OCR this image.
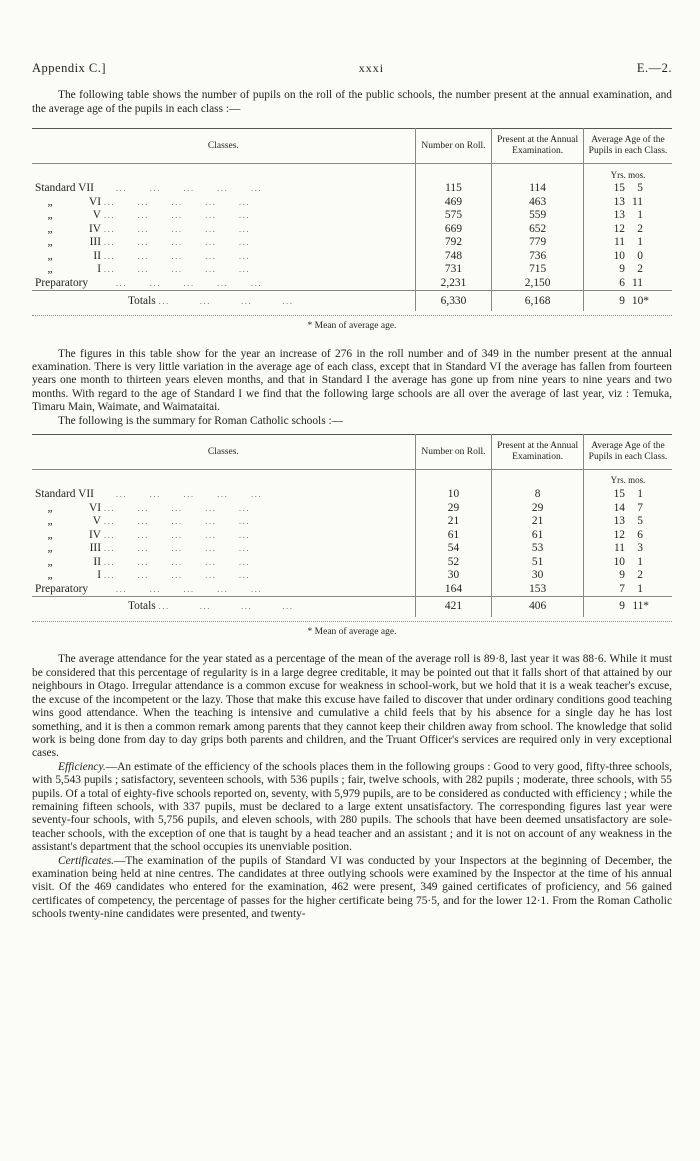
Appendix C.]	xxxi	E.—2.

The following table shows the number of pupils on the roll of the public schools, the number present at the annual examination, and the average age of the pupils in each class :—

Classes.	Number on Roll.	Present at the Annual Examination.	Average Age of the Pupils in each Class.
			Yrs. mos.
Standard VII ...      ...      ...      ...      ...	115	114	15 5
„ VI ...      ...      ...      ...      ...	469	463	13 11
„ V ...      ...      ...      ...      ...	575	559	13 1
„ IV ...      ...      ...      ...      ...	669	652	12 2
„ III ...      ...      ...      ...      ...	792	779	11 1
„ II ...      ...      ...      ...      ...	748	736	10 0
„ I ...      ...      ...      ...      ...	731	715	9 2
Preparatory ...      ...      ...      ...      ...	2,231	2,150	6 11
Totals ...        ...        ...        ...	6,330	6,168	9 10*
* Mean of average age.

The figures in this table show for the year an increase of 276 in the roll number and of 349 in the number present at the annual examination. There is very little variation in the average age of each class, except that in Standard VI the average has fallen from fourteen years one month to thirteen years eleven months, and that in Standard I the average has gone up from nine years to nine years and two months. With regard to the age of Standard I we find that the following large schools are all over the average of last year, viz : Temuka, Timaru Main, Waimate, and Waimataitai.

The following is the summary for Roman Catholic schools :—

Classes.	Number on Roll.	Present at the Annual Examination.	Average Age of the Pupils in each Class.
			Yrs. mos.
Standard VII ...      ...      ...      ...      ...	10	8	15 1
„ VI ...      ...      ...      ...      ...	29	29	14 7
„ V ...      ...      ...      ...      ...	21	21	13 5
„ IV ...      ...      ...      ...      ...	61	61	12 6
„ III ...      ...      ...      ...      ...	54	53	11 3
„ II ...      ...      ...      ...      ...	52	51	10 1
„ I ...      ...      ...      ...      ...	30	30	9 2
Preparatory ...      ...      ...      ...      ...	164	153	7 1
Totals ...        ...        ...        ...	421	406	9 11*
* Mean of average age.

The average attendance for the year stated as a percentage of the mean of the average roll is 89·8, last year it was 88·6. While it must be considered that this percentage of regularity is in a large degree creditable, it may be pointed out that it falls short of that attained by our neighbours in Otago. Irregular attendance is a common excuse for weakness in school-work, but we hold that it is a weak teacher's excuse, the excuse of the incompetent or the lazy. Those that make this excuse have failed to discover that under ordinary conditions good teaching wins good attendance. When the teaching is intensive and cumulative a child feels that by his absence for a single day he has lost something, and it is then a common remark among parents that they cannot keep their children away from school. The knowledge that solid work is being done from day to day grips both parents and children, and the Truant Officer's services are required only in very exceptional cases.

Efficiency.—An estimate of the efficiency of the schools places them in the following groups : Good to very good, fifty-three schools, with 5,543 pupils ; satisfactory, seventeen schools, with 536 pupils ; fair, twelve schools, with 282 pupils ; moderate, three schools, with 55 pupils. Of a total of eighty-five schools reported on, seventy, with 5,979 pupils, are to be considered as conducted with efficiency ; while the remaining fifteen schools, with 337 pupils, must be declared to a large extent unsatisfactory. The corresponding figures last year were seventy-four schools, with 5,756 pupils, and eleven schools, with 280 pupils. The schools that have been deemed unsatisfactory are sole-teacher schools, with the exception of one that is taught by a head teacher and an assistant ; and it is not on account of any weakness in the assistant's department that the school occupies its unenviable position.

Certificates.—The examination of the pupils of Standard VI was conducted by your Inspectors at the beginning of December, the examination being held at nine centres. The candidates at three outlying schools were examined by the Inspector at the time of his annual visit. Of the 469 candidates who entered for the examination, 462 were present, 349 gained certificates of proficiency, and 56 gained certificates of competency, the percentage of passes for the higher certificate being 75·5, and for the lower 12·1. From the Roman Catholic schools twenty-nine candidates were presented, and twenty-
